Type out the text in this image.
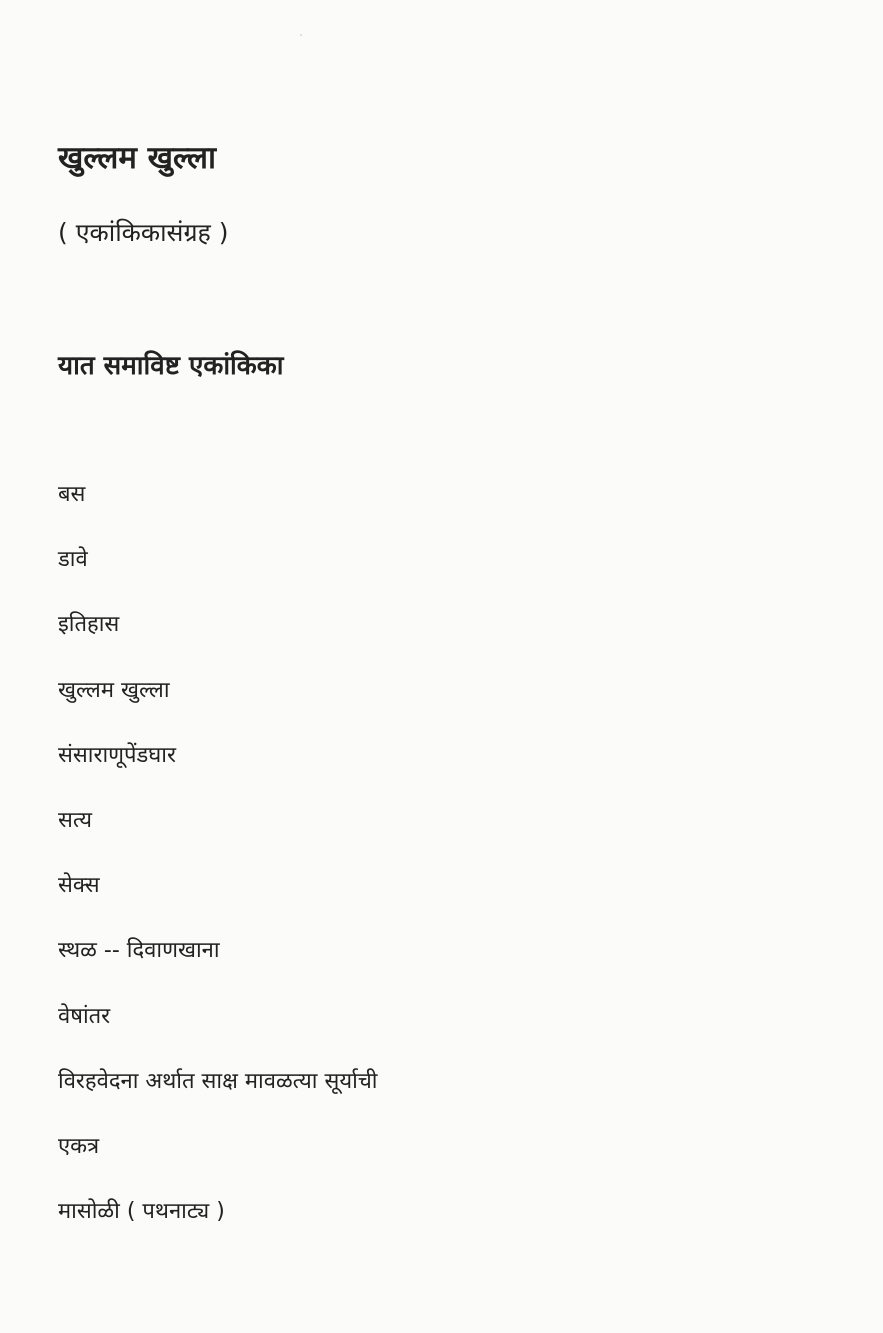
खुल्लम खुल्ला
( एकांकिकासंग्रह )
यात समाविष्ट एकांकिका
बस
डावे
इतिहास
खुल्लम खुल्ला
संसाराणूपेंडघार
सत्य
सेक्स
स्थळ -- दिवाणखाना
वेषांतर
विरहवेदना अर्थात साक्ष मावळत्या सूर्याची
एकत्र
मासोळी ( पथनाट्य )
